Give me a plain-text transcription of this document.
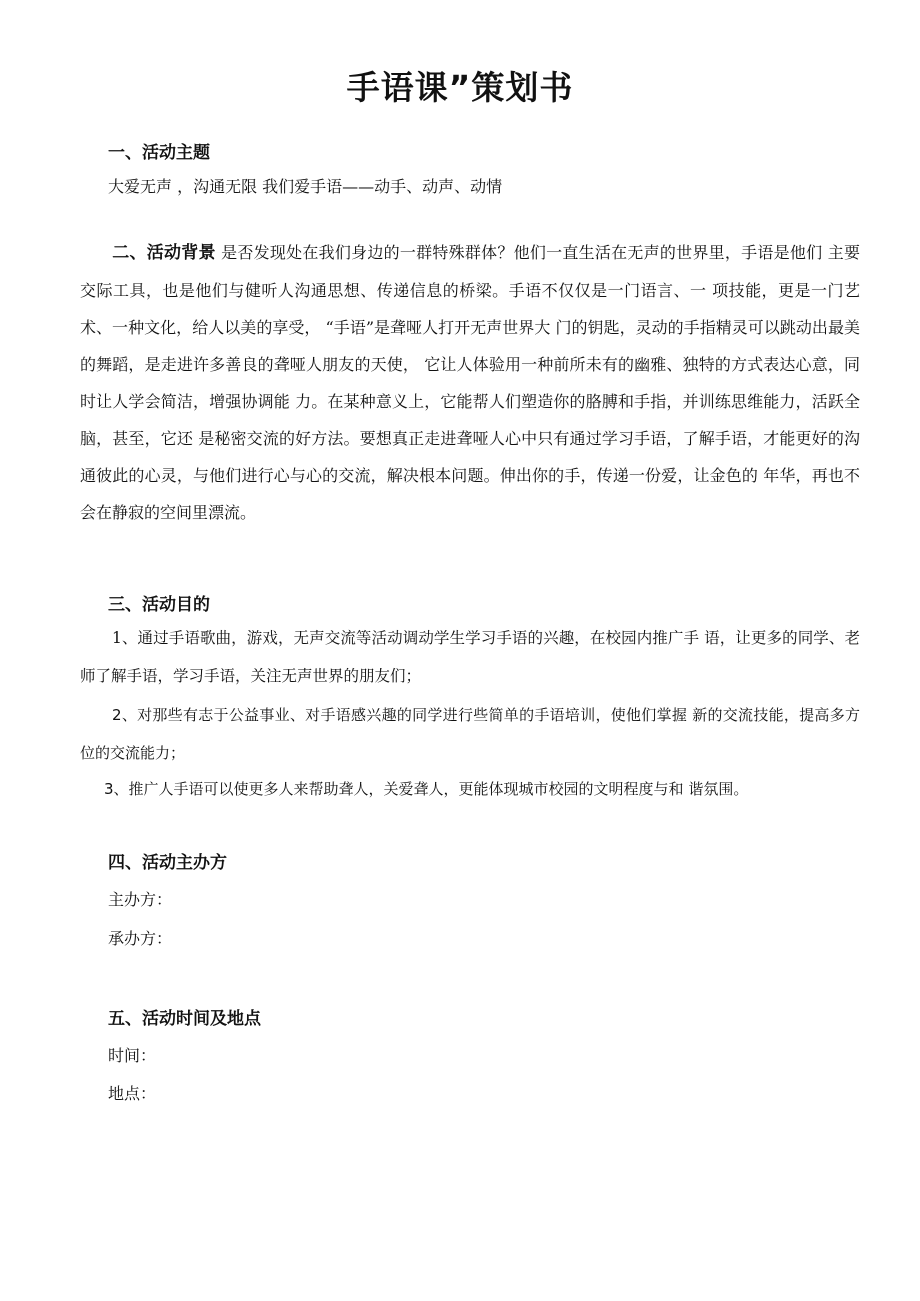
手语课”策划书
一、活动主题

大爱无声 ，沟通无限 我们爱手语——动手、动声、动情

二、活动背景 是否发现处在我们身边的一群特殊群体？他们一直生活在无声的世界里，手语是他们 主要交际工具，也是他们与健听人沟通思想、传递信息的桥梁。手语不仅仅是一门语言、一 项技能，更是一门艺术、一种文化，给人以美的享受， “手语”是聋哑人打开无声世界大 门的钥匙，灵动的手指精灵可以跳动出最美的舞蹈，是走进许多善良的聋哑人朋友的天使， 它让人体验用一种前所未有的幽雅、独特的方式表达心意，同时让人学会简洁，增强协调能 力。在某种意义上，它能帮人们塑造你的胳膊和手指，并训练思维能力，活跃全脑，甚至，它还 是秘密交流的好方法。要想真正走进聋哑人心中只有通过学习手语，了解手语，才能更好的沟 通彼此的心灵，与他们进行心与心的交流，解决根本问题。伸出你的手，传递一份爱，让金色的 年华，再也不会在静寂的空间里漂流。

三、活动目的

1、通过手语歌曲，游戏，无声交流等活动调动学生学习手语的兴趣，在校园内推广手 语，让更多的同学、老师了解手语，学习手语，关注无声世界的朋友们；

2、对那些有志于公益事业、对手语感兴趣的同学进行些简单的手语培训，使他们掌握 新的交流技能，提高多方位的交流能力；

3、推广人手语可以使更多人来帮助聋人，关爱聋人，更能体现城市校园的文明程度与和 谐氛围。

四、活动主办方

主办方：

承办方：

五、活动时间及地点

时间：

地点：
